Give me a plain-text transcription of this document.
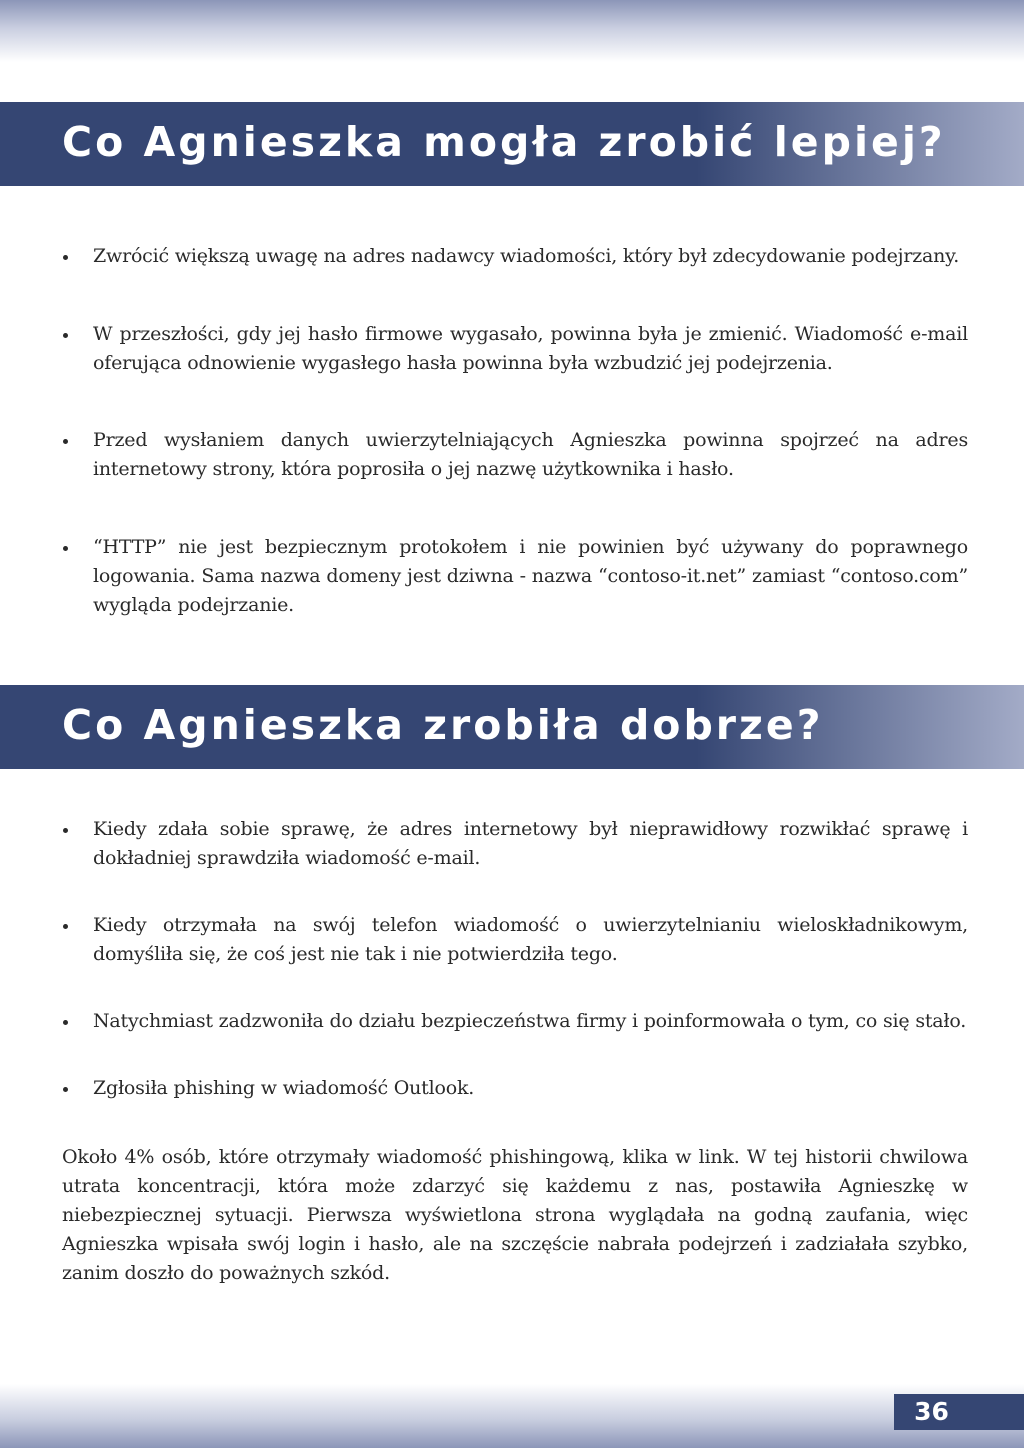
Co Agnieszka mogła zrobić lepiej?
Zwrócić większą uwagę na adres nadawcy wiadomości, który był zdecydowanie podejrzany.
W przeszłości, gdy jej hasło firmowe wygasało, powinna była je zmienić. Wiadomość e-mail oferująca odnowienie wygasłego hasła powinna była wzbudzić jej podejrzenia.
Przed wysłaniem danych uwierzytelniających Agnieszka powinna spojrzeć na adres internetowy strony, która poprosiła o jej nazwę użytkownika i hasło.
“HTTP” nie jest bezpiecznym protokołem i nie powinien być używany do poprawnego logowania. Sama nazwa domeny jest dziwna - nazwa “contoso-it.net” zamiast “contoso.com” wygląda podejrzanie.
Co Agnieszka zrobiła dobrze?
Kiedy zdała sobie sprawę, że adres internetowy był nieprawidłowy rozwikłać sprawę i dokładniej sprawdziła wiadomość e-mail.
Kiedy otrzymała na swój telefon wiadomość o uwierzytelnianiu wieloskładnikowym, domyśliła się, że coś jest nie tak i nie potwierdziła tego.
Natychmiast zadzwoniła do działu bezpieczeństwa firmy i poinformowała o tym, co się stało.
Zgłosiła phishing w wiadomość Outlook.

Około 4% osób, które otrzymały wiadomość phishingową, klika w link. W tej historii chwilowa utrata koncentracji, która może zdarzyć się każdemu z nas, postawiła Agnieszkę w niebezpiecznej sytuacji. Pierwsza wyświetlona strona wyglądała na godną zaufania, więc Agnieszka wpisała swój login i hasło, ale na szczęście nabrała podejrzeń i zadziałała szybko, zanim doszło do poważnych szkód.

36
